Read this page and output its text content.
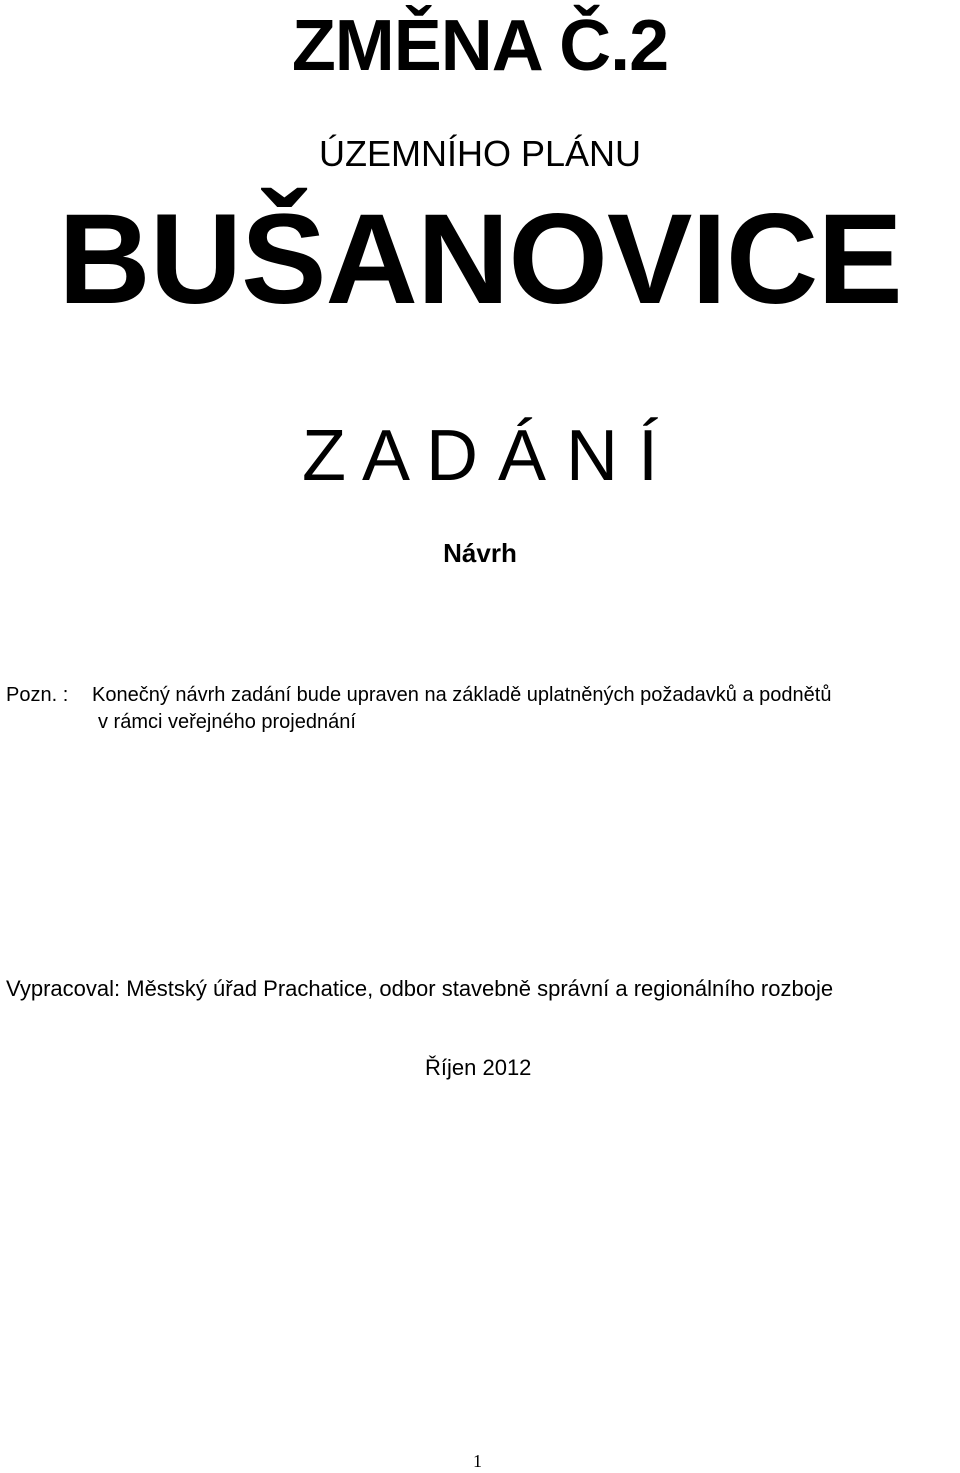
ZMĚNA Č.2
ÚZEMNÍHO PLÁNU
BUŠANOVICE
Z A D Á N Í
Návrh
Pozn. : Konečný návrh zadání bude upraven na základě uplatněných požadavků a podnětů
v rámci veřejného projednání
Vypracoval: Městský úřad Prachatice, odbor stavebně správní a regionálního rozboje
Říjen 2012
1
